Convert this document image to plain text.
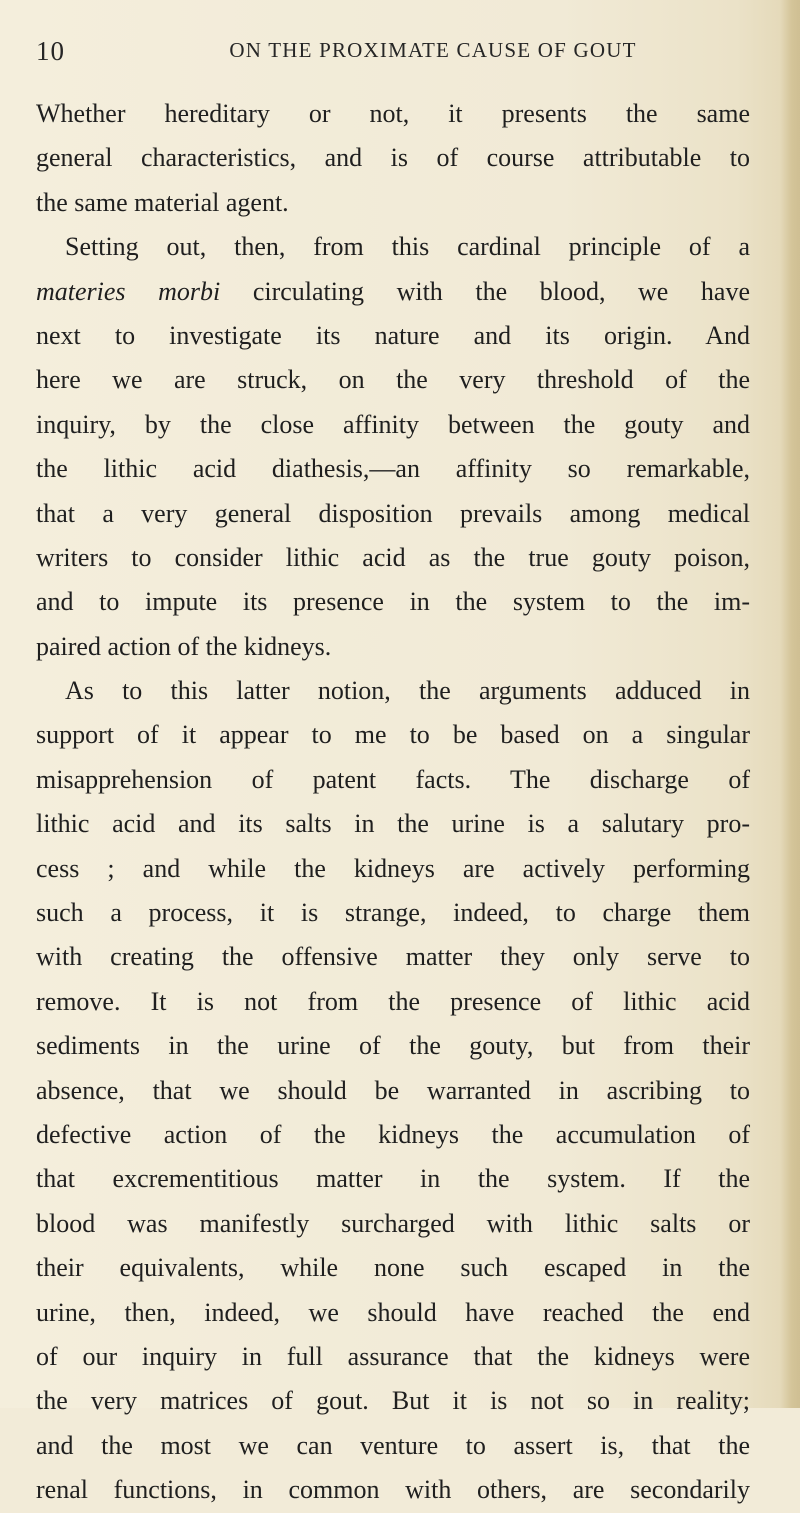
10	ON THE PROXIMATE CAUSE OF GOUT
Whether hereditary or not, it presents the same
general characteristics, and is of course attributable to
the same material agent.
Setting out, then, from this cardinal principle of a
materies morbi circulating with the blood, we have
next to investigate its nature and its origin. And
here we are struck, on the very threshold of the
inquiry, by the close affinity between the gouty and
the lithic acid diathesis,—an affinity so remarkable,
that a very general disposition prevails among medical
writers to consider lithic acid as the true gouty poison,
and to impute its presence in the system to the im-
paired action of the kidneys.
As to this latter notion, the arguments adduced in
support of it appear to me to be based on a singular
misapprehension of patent facts. The discharge of
lithic acid and its salts in the urine is a salutary pro-
cess ; and while the kidneys are actively performing
such a process, it is strange, indeed, to charge them
with creating the offensive matter they only serve to
remove. It is not from the presence of lithic acid
sediments in the urine of the gouty, but from their
absence, that we should be warranted in ascribing to
defective action of the kidneys the accumulation of
that excrementitious matter in the system. If the
blood was manifestly surcharged with lithic salts or
their equivalents, while none such escaped in the
urine, then, indeed, we should have reached the end
of our inquiry in full assurance that the kidneys were
the very matrices of gout. But it is not so in reality;
and the most we can venture to assert is, that the
renal functions, in common with others, are secondarily
